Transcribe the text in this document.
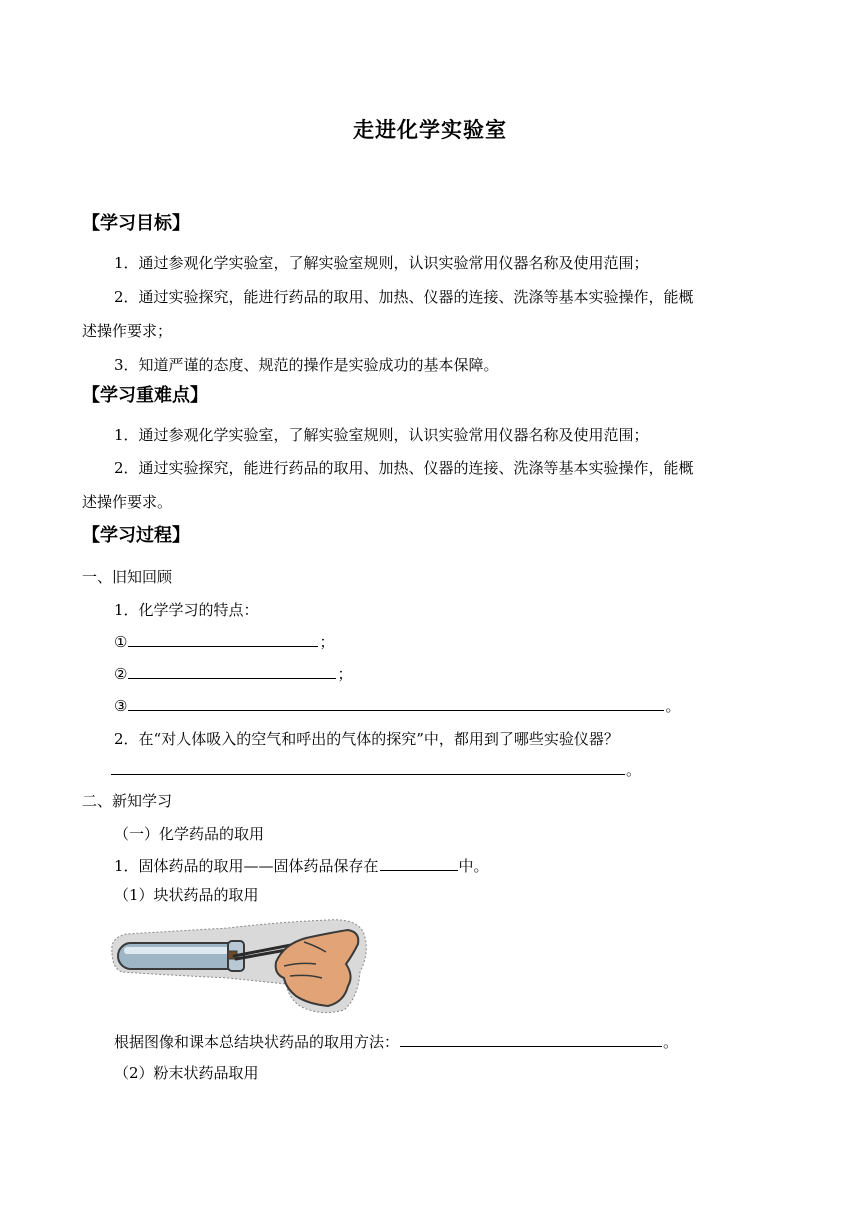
走进化学实验室
【学习目标】
1．通过参观化学实验室，了解实验室规则，认识实验常用仪器名称及使用范围；
2．通过实验探究，能进行药品的取用、加热、仪器的连接、洗涤等基本实验操作，能概
述操作要求；
3．知道严谨的态度、规范的操作是实验成功的基本保障。
【学习重难点】
1．通过参观化学实验室，了解实验室规则，认识实验常用仪器名称及使用范围；
2．通过实验探究，能进行药品的取用、加热、仪器的连接、洗涤等基本实验操作，能概
述操作要求。
【学习过程】
一、旧知回顾
1．化学学习的特点：
①	；
②	；
③	。
2．在“对人体吸入的空气和呼出的气体的探究”中，都用到了哪些实验仪器？
。
二、新知学习
（一）化学药品的取用
1．固体药品的取用——固体药品保存在	中。
（1）块状药品的取用
根据图像和课本总结块状药品的取用方法：	。
（2）粉末状药品取用
